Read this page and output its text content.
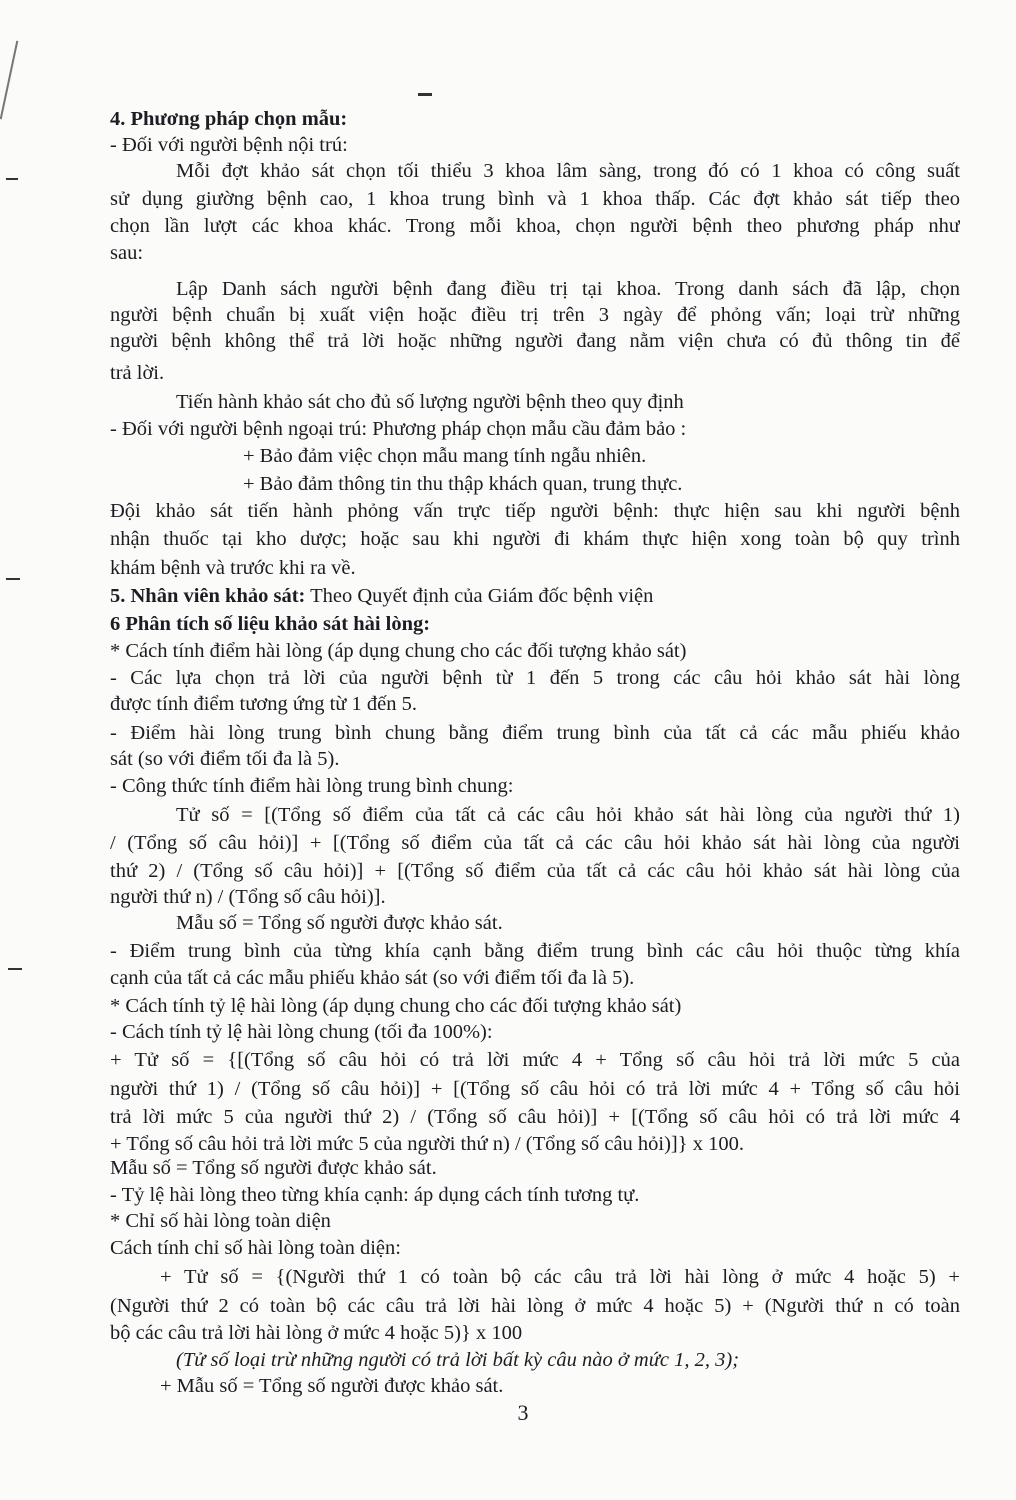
4. Phương pháp chọn mẫu:
- Đối với người bệnh nội trú:
Mỗi đợt khảo sát chọn tối thiểu 3 khoa lâm sàng, trong đó có 1 khoa có công suất
sử dụng giường bệnh cao, 1 khoa trung bình và 1 khoa thấp. Các đợt khảo sát tiếp theo
chọn lần lượt các khoa khác. Trong mỗi khoa, chọn người bệnh theo phương pháp như
sau:
Lập Danh sách người bệnh đang điều trị tại khoa. Trong danh sách đã lập, chọn
người bệnh chuẩn bị xuất viện hoặc điều trị trên 3 ngày để phỏng vấn; loại trừ những
người bệnh không thể trả lời hoặc những người đang nằm viện chưa có đủ thông tin để
trả lời.
Tiến hành khảo sát cho đủ số lượng người bệnh theo quy định
- Đối với người bệnh ngoại trú: Phương pháp chọn mẫu cầu đảm bảo :
+ Bảo đảm việc chọn mẫu mang tính ngẫu nhiên.
+ Bảo đảm thông tin thu thập khách quan, trung thực.
Đội khảo sát tiến hành phỏng vấn trực tiếp người bệnh: thực hiện sau khi người bệnh
nhận thuốc tại kho dược; hoặc sau khi người đi khám thực hiện xong toàn bộ quy trình
khám bệnh và trước khi ra về.
5. Nhân viên khảo sát: Theo Quyết định của Giám đốc bệnh viện
6 Phân tích số liệu khảo sát hài lòng:
* Cách tính điểm hài lòng (áp dụng chung cho các đối tượng khảo sát)
- Các lựa chọn trả lời của người bệnh từ 1 đến 5 trong các câu hỏi khảo sát hài lòng
được tính điểm tương ứng từ 1 đến 5.
- Điểm hài lòng trung bình chung bằng điểm trung bình của tất cả các mẫu phiếu khảo
sát (so với điểm tối đa là 5).
- Công thức tính điểm hài lòng trung bình chung:
Tử số = [(Tổng số điểm của tất cả các câu hỏi khảo sát hài lòng của người thứ 1)
/ (Tổng số câu hỏi)] + [(Tổng số điểm của tất cả các câu hỏi khảo sát hài lòng của người
thứ 2) / (Tổng số câu hỏi)] + [(Tổng số điểm của tất cả các câu hỏi khảo sát hài lòng của
người thứ n) / (Tổng số câu hỏi)].
Mẫu số = Tổng số người được khảo sát.
- Điểm trung bình của từng khía cạnh bằng điểm trung bình các câu hỏi thuộc từng khía
cạnh của tất cả các mẫu phiếu khảo sát (so với điểm tối đa là 5).
* Cách tính tỷ lệ hài lòng (áp dụng chung cho các đối tượng khảo sát)
- Cách tính tỷ lệ hài lòng chung (tối đa 100%):
+ Tử số = {[(Tổng số câu hỏi có trả lời mức 4 + Tổng số câu hỏi trả lời mức 5 của
người thứ 1) / (Tổng số câu hỏi)] + [(Tổng số câu hỏi có trả lời mức 4 + Tổng số câu hỏi
trả lời mức 5 của người thứ 2) / (Tổng số câu hỏi)] + [(Tổng số câu hỏi có trả lời mức 4
+ Tổng số câu hỏi trả lời mức 5 của người thứ n) / (Tổng số câu hỏi)]} x 100.
Mẫu số = Tổng số người được khảo sát.
- Tỷ lệ hài lòng theo từng khía cạnh: áp dụng cách tính tương tự.
* Chỉ số hài lòng toàn diện
Cách tính chỉ số hài lòng toàn diện:
+ Tử số = {(Người thứ 1 có toàn bộ các câu trả lời hài lòng ở mức 4 hoặc 5) +
(Người thứ 2 có toàn bộ các câu trả lời hài lòng ở mức 4 hoặc 5) + (Người thứ n có toàn
bộ các câu trả lời hài lòng ở mức 4 hoặc 5)} x 100
(Tử số loại trừ những người có trả lời bất kỳ câu nào ở mức 1, 2, 3);
+ Mẫu số = Tổng số người được khảo sát.
3
